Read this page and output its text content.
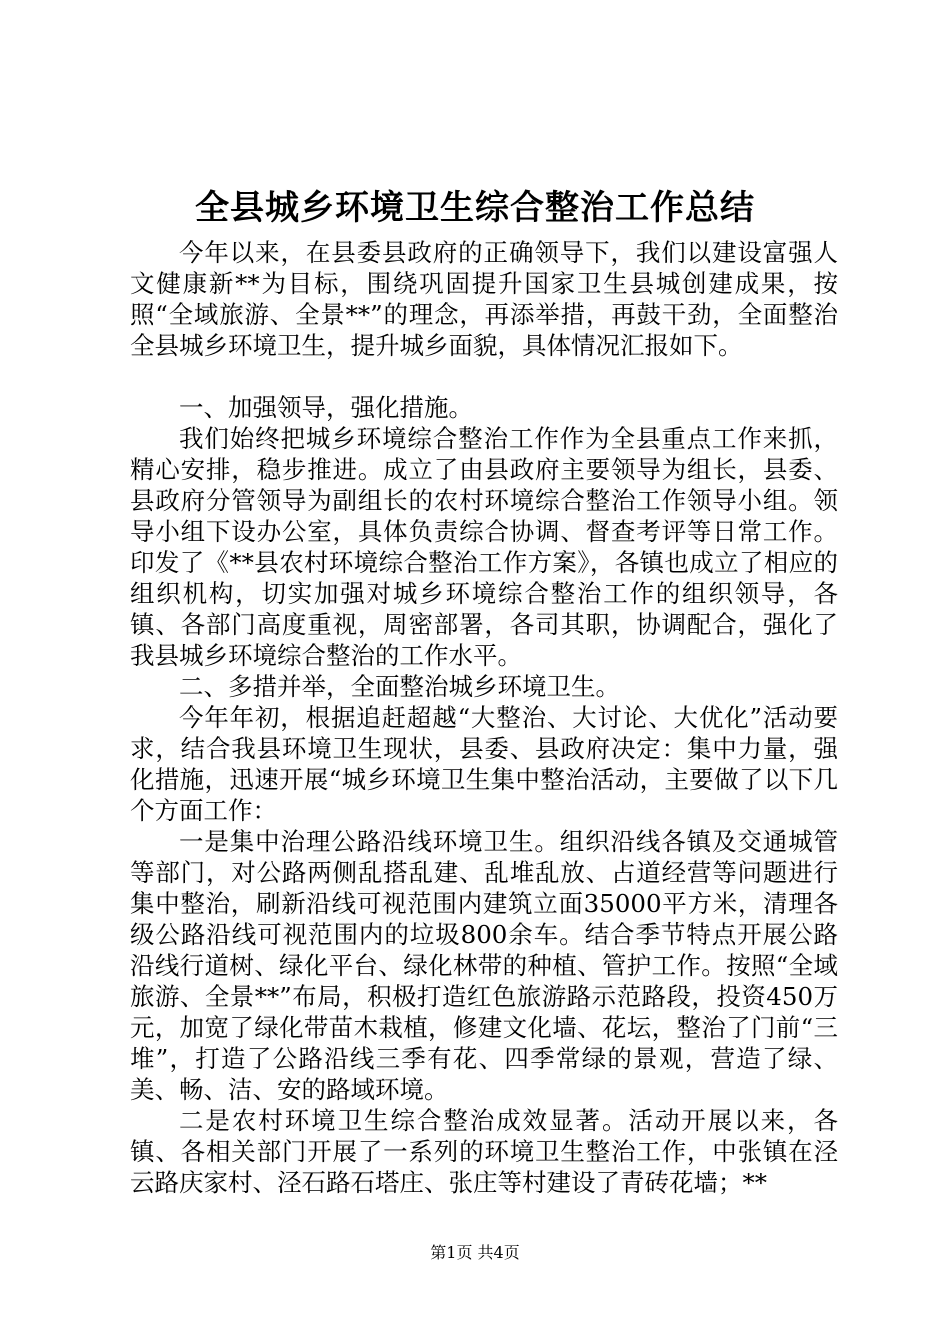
全县城乡环境卫生综合整治工作总结

今年以来，在县委县政府的正确领导下，我们以建设富强人文健康新**为目标，围绕巩固提升国家卫生县城创建成果，按照“全域旅游、全景**”的理念，再添举措，再鼓干劲，全面整治全县城乡环境卫生，提升城乡面貌，具体情况汇报如下。

一、加强领导，强化措施。

我们始终把城乡环境综合整治工作作为全县重点工作来抓，精心安排，稳步推进。成立了由县政府主要领导为组长，县委、县政府分管领导为副组长的农村环境综合整治工作领导小组。领导小组下设办公室，具体负责综合协调、督查考评等日常工作。印发了《**县农村环境综合整治工作方案》，各镇也成立了相应的组织机构，切实加强对城乡环境综合整治工作的组织领导，各镇、各部门高度重视，周密部署，各司其职，协调配合，强化了我县城乡环境综合整治的工作水平。

二、多措并举，全面整治城乡环境卫生。

今年年初，根据追赶超越“大整治、大讨论、大优化”活动要求，结合我县环境卫生现状，县委、县政府决定：集中力量，强化措施，迅速开展“城乡环境卫生集中整治活动，主要做了以下几个方面工作：

一是集中治理公路沿线环境卫生。组织沿线各镇及交通城管等部门，对公路两侧乱搭乱建、乱堆乱放、占道经营等问题进行集中整治，刷新沿线可视范围内建筑立面35000平方米，清理各级公路沿线可视范围内的垃圾800余车。结合季节特点开展公路沿线行道树、绿化平台、绿化林带的种植、管护工作。按照“全域旅游、全景**”布局，积极打造红色旅游路示范路段，投资450万元，加宽了绿化带苗木栽植，修建文化墙、花坛，整治了门前“三堆”，打造了公路沿线三季有花、四季常绿的景观，营造了绿、美、畅、洁、安的路域环境。

二是农村环境卫生综合整治成效显著。活动开展以来，各镇、各相关部门开展了一系列的环境卫生整治工作，中张镇在泾云路庆家村、泾石路石塔庄、张庄等村建设了青砖花墙；**

第1页 共4页
